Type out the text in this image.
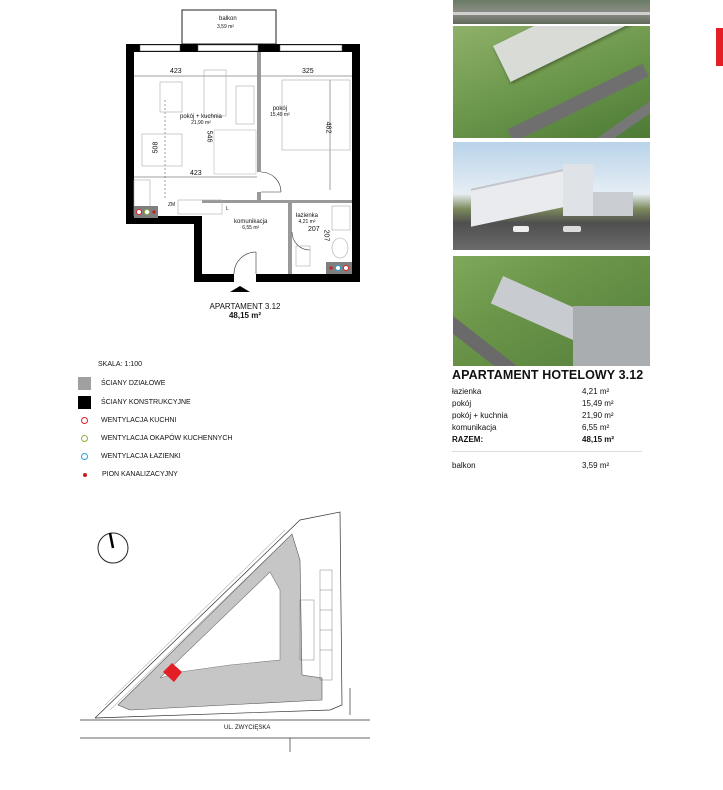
balkon
3,59 m²
423	325
508
546
482
423
207
207
pokój + kuchnia
21,90 m²
pokój
15,49 m²
komunikacja
6,55 m²
łazienka
4,21 m²
ZM
L
APARTAMENT 3.12
48,15 m²
SKALA: 1:100
ŚCIANY DZIAŁOWE
ŚCIANY KONSTRUKCYJNE
WENTYLACJA KUCHNI
WENTYLACJA OKAPÓW KUCHENNYCH
WENTYLACJA ŁAZIENKI
PION KANALIZACYJNY
UL. ZWYCIĘSKA
APARTAMENT HOTELOWY 3.12
łazienka	4,21 m²
pokój	15,49 m²
pokój + kuchnia	21,90 m²
komunikacja	6,55 m²
RAZEM:	48,15 m²
balkon	3,59 m²
